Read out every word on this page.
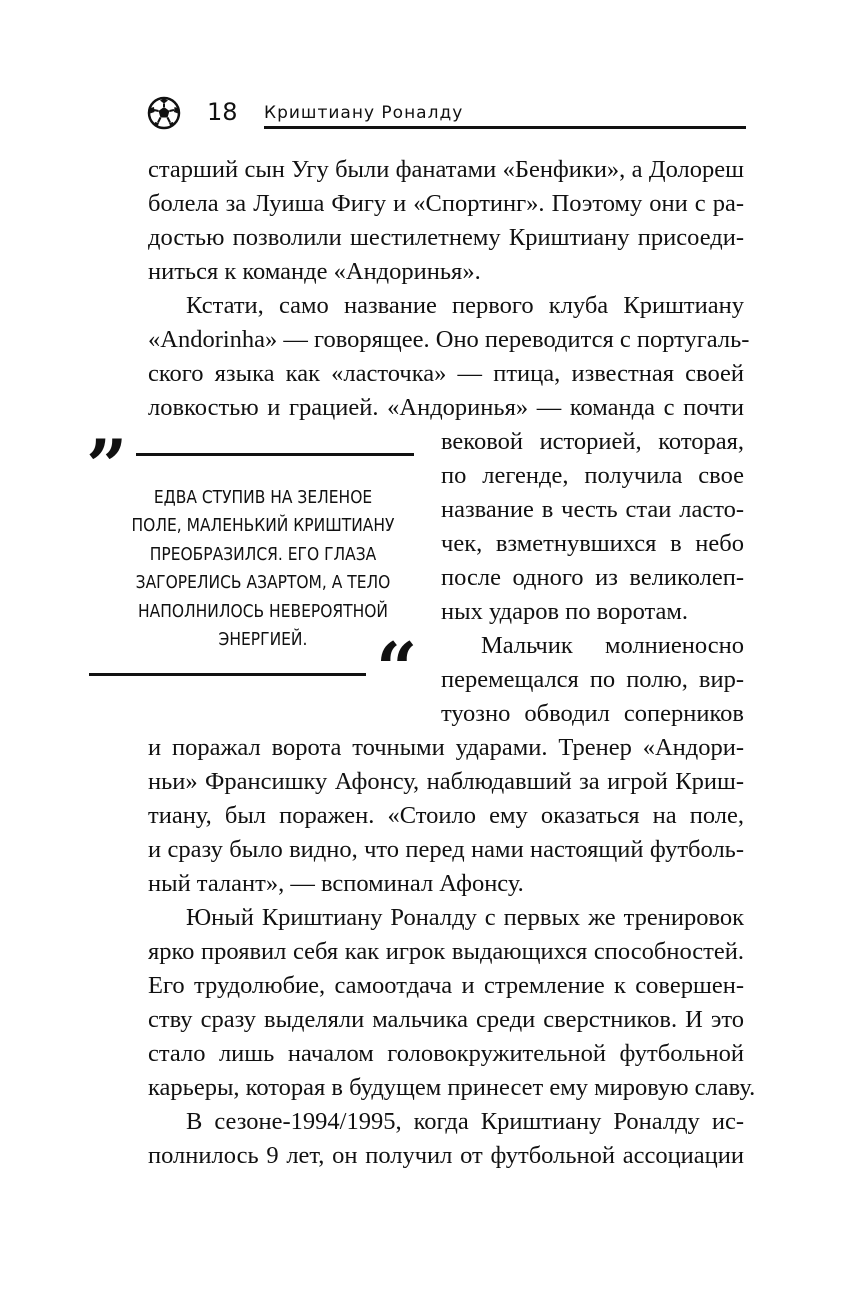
18 Криштиану Роналду
старший сын Угу были фанатами «Бенфики», а Долореш
болела за Луиша Фигу и «Спортинг». Поэтому они с ра-
достью позволили шестилетнему Криштиану присоеди-
ниться к команде «Андоринья».
Кстати, само название первого клуба Криштиану
«Andorinha» — говорящее. Оно переводится с португаль-
ского языка как «ласточка» — птица, известная своей
ловкостью и грацией. «Андоринья» — команда с почти
вековой историей, которая,
по легенде, получила свое
название в честь стаи ласто-
чек, взметнувшихся в небо
после одного из великолеп-
ных ударов по воротам.
Мальчик молниеносно
перемещался по полю, вир-
туозно обводил соперников
и поражал ворота точными ударами. Тренер «Андори-
ньи» Франсишку Афонсу, наблюдавший за игрой Криш-
тиану, был поражен. «Стоило ему оказаться на поле,
и сразу было видно, что перед нами настоящий футболь-
ный талант», — вспоминал Афонсу.
Юный Криштиану Роналду с первых же тренировок
ярко проявил себя как игрок выдающихся способностей.
Его трудолюбие, самоотдача и стремление к совершен-
ству сразу выделяли мальчика среди сверстников. И это
стало лишь началом головокружительной футбольной
карьеры, которая в будущем принесет ему мировую славу.
В сезоне-1994/1995, когда Криштиану Роналду ис-
полнилось 9 лет, он получил от футбольной ассоциации
”	ЕДВА СТУПИВ НА ЗЕЛЕНОЕ
ПОЛЕ, МАЛЕНЬКИЙ КРИШТИАНУ
ПРЕОБРАЗИЛСЯ. ЕГО ГЛАЗА
ЗАГОРЕЛИСЬ АЗАРТОМ, А ТЕЛО
НАПОЛНИЛОСЬ НЕВЕРОЯТНОЙ
ЭНЕРГИЕЙ. “
